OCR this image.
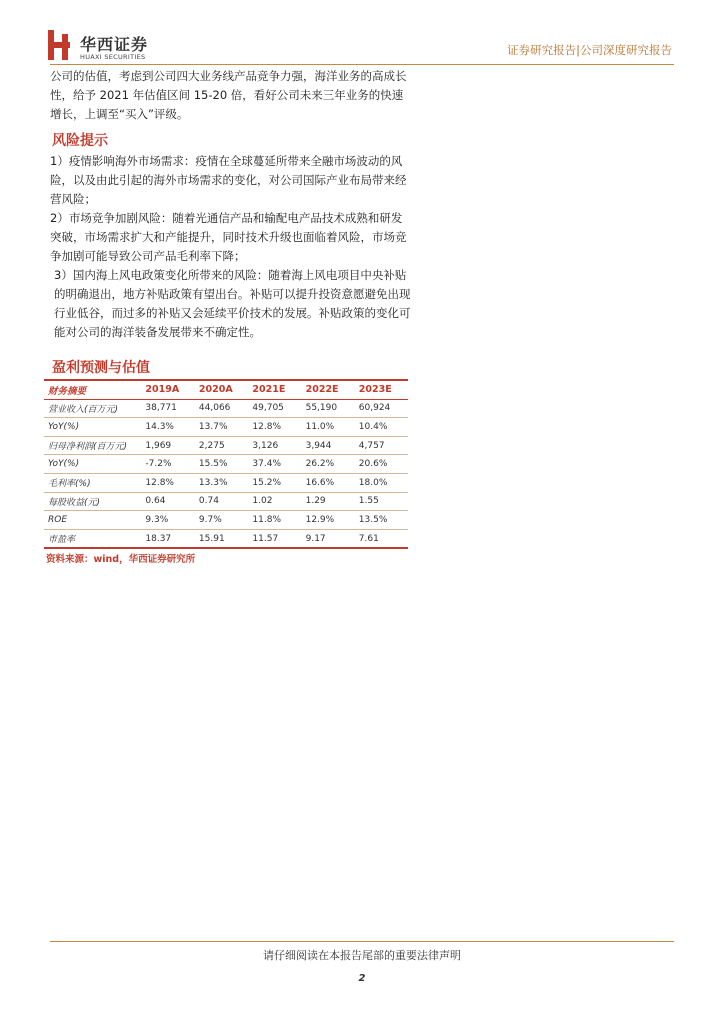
华西证券
HUAXI SECURITIES	证券研究报告|公司深度研究报告
公司的估值，考虑到公司四大业务线产品竞争力强，海洋业务的高成长性，给予 2021 年估值区间 15-20 倍，看好公司未来三年业务的快速增长，上调至“买入”评级。
风险提示

1）疫情影响海外市场需求：疫情在全球蔓延所带来全融市场波动的风险，以及由此引起的海外市场需求的变化，对公司国际产业布局带来经营风险；

2）市场竞争加剧风险：随着光通信产品和输配电产品技术成熟和研发突破，市场需求扩大和产能提升，同时技术升级也面临着风险，市场竞争加剧可能导致公司产品毛利率下降；

3）国内海上风电政策变化所带来的风险：随着海上风电项目中央补贴的明确退出，地方补贴政策有望出台。补贴可以提升投资意愿避免出现行业低谷，而过多的补贴又会延续平价技术的发展。补贴政策的变化可能对公司的海洋装备发展带来不确定性。

盈利预测与估值
财务摘要	2019A	2020A	2021E	2022E	2023E
营业收入(百万元)	38,771	44,066	49,705	55,190	60,924
YoY(%)	14.3%	13.7%	12.8%	11.0%	10.4%
归母净利润(百万元)	1,969	2,275	3,126	3,944	4,757
YoY(%)	-7.2%	15.5%	37.4%	26.2%	20.6%
毛利率(%)	12.8%	13.3%	15.2%	16.6%	18.0%
每股收益(元)	0.64	0.74	1.02	1.29	1.55
ROE	9.3%	9.7%	11.8%	12.9%	13.5%
市盈率	18.37	15.91	11.57	9.17	7.61
资料来源：wind，华西证券研究所
请仔细阅读在本报告尾部的重要法律声明
2
